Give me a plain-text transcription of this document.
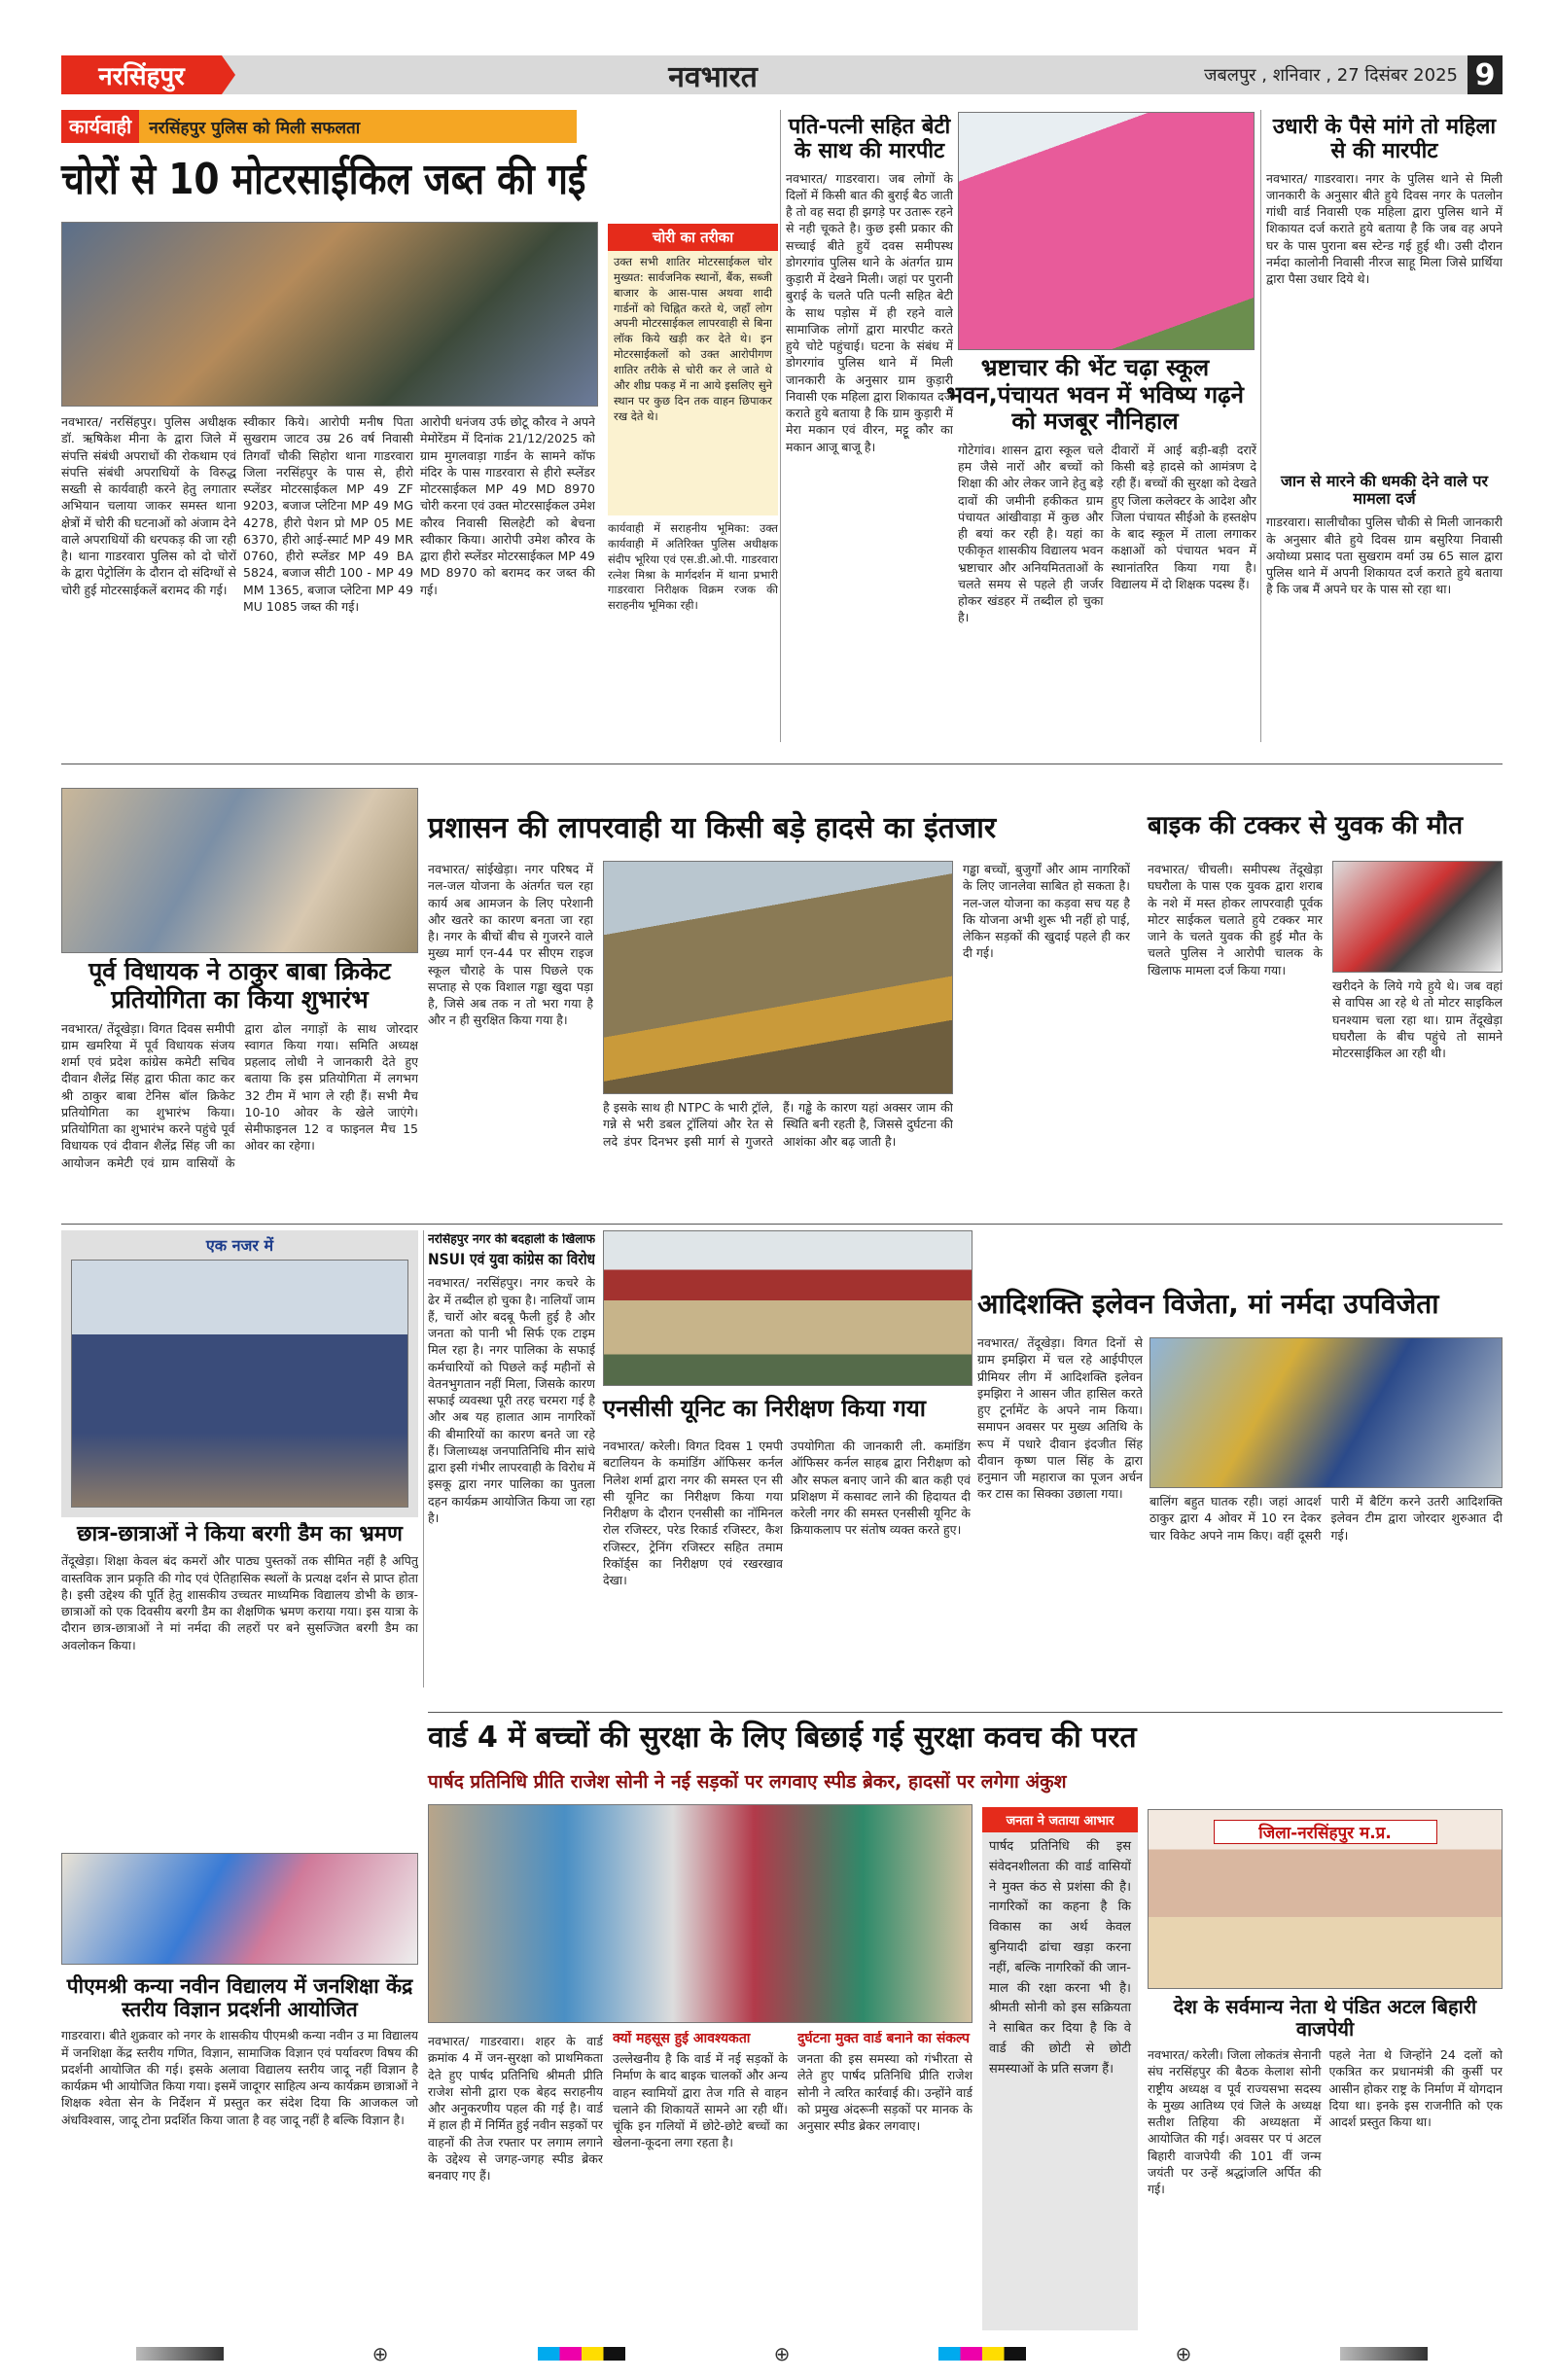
नरसिंहपुर	नवभारत	जबलपुर , शनिवार , 27 दिसंबर 2025 9
कार्यवाही	नरसिंहपुर पुलिस को मिली सफलता
चोरों से 10 मोटरसाईकिल जब्त की गई
चोरी का तरीका
उक्त सभी शातिर मोटरसाईकल चोर मुख्यत: सार्वजनिक स्थानों, बैंक, सब्जी बाजार के आस-पास अथवा शादी गार्डनों को चिह्नित करते थे, जहाँ लोग अपनी मोटरसाईकल लापरवाही से बिना लॉक किये खड़ी कर देते थे। इन मोटरसाईकलों को उक्त आरोपीगण शातिर तरीके से चोरी कर ले जाते थे और शीघ्र पकड़ में ना आये इसलिए सुने स्थान पर कुछ दिन तक वाहन छिपाकर रख देते थे।
कार्यवाही में सराहनीय भूमिका: उक्त कार्यवाही में अतिरिक्त पुलिस अधीक्षक संदीप भूरिया एवं एस.डी.ओ.पी. गाडरवारा रत्नेश मिश्रा के मार्गदर्शन में थाना प्रभारी गाडरवारा निरीक्षक विक्रम रजक की सराहनीय भूमिका रही।
नवभारत/ नरसिंहपुर। पुलिस अधीक्षक डॉ. ऋषिकेश मीना के द्वारा जिले में संपत्ति संबंधी अपराधों की रोकथाम एवं संपत्ति संबंधी अपराधियों के विरुद्ध सख्ती से कार्यवाही करने हेतु लगातार अभियान चलाया जाकर समस्त थाना क्षेत्रों में चोरी की घटनाओं को अंजाम देने वाले अपराधियों की धरपकड़ की जा रही है। थाना गाडरवारा पुलिस को दो चोरों के द्वारा पेट्रोलिंग के दौरान दो संदिग्धों से चोरी हुई मोटरसाईकलें बरामद की गई।
स्वीकार किये। आरोपी मनीष पिता सुखराम जाटव उम्र 26 वर्ष निवासी तिगवॉं चौकी सिहोरा थाना गाडरवारा जिला नरसिंहपुर के पास से, हीरो स्प्लेंडर मोटरसाईकल MP 49 ZF 9203, बजाज प्लेटिना MP 49 MG 4278, हीरो पेशन प्रो MP 05 ME 6370, हीरो आई-स्मार्ट MP 49 MR 0760, हीरो स्प्लेंडर MP 49 BA 5824, बजाज सीटी 100 - MP 49 MM 1365, बजाज प्लेटिना MP 49 MU 1085 जब्त की गई।
आरोपी धनंजय उर्फ छोटू कौरव ने अपने मेमोरेंडम में दिनांक 21/12/2025 को ग्राम मुगलवाड़ा गार्डन के सामने कॉफ मंदिर के पास गाडरवारा से हीरो स्प्लेंडर मोटरसाईकल MP 49 MD 8970 चोरी करना एवं उक्त मोटरसाईकल उमेश कौरव निवासी सिलहेटी को बेचना स्वीकार किया। आरोपी उमेश कौरव के द्वारा हीरो स्प्लेंडर मोटरसाईकल MP 49 MD 8970 को बरामद कर जब्त की गई।
पति-पत्नी सहित बेटी के साथ की मारपीट
नवभारत/ गाडरवारा। जब लोगों के दिलों में किसी बात की बुराई बैठ जाती है तो वह सदा ही झगड़े पर उतारू रहने से नही चूकते है। कुछ इसी प्रकार की सच्चाई बीते हुयें दवस समीपस्थ डोगरगांव पुलिस थाने के अंतर्गत ग्राम कुड़ारी में देखने मिली। जहां पर पुरानी बुराई के चलते पति पत्नी सहित बेटी के साथ पड़ोस में ही रहने वाले सामाजिक लोगों द्वारा मारपीट करते हुये चोटे पहुंचाई। घटना के संबंध में डोगरगांव पुलिस थाने में मिली जानकारी के अनुसार ग्राम कुड़ारी निवासी एक महिला द्वारा शिकायत दर्ज कराते हुये बताया है कि ग्राम कुड़ारी में मेरा मकान एवं वीरन, मट्टू कौर का मकान आजू बाजू है।
भ्रष्टाचार की भेंट चढ़ा स्कूल भवन,पंचायत भवन में भविष्य गढ़ने को मजबूर नौनिहाल
गोटेगांव। शासन द्वारा स्कूल चले हम जैसे नारों और बच्चों को शिक्षा की ओर लेकर जाने हेतु बड़े दावों की जमीनी हकीकत ग्राम पंचायत आंखीवाड़ा में कुछ और ही बयां कर रही है। यहां का एकीकृत शासकीय विद्यालय भवन भ्रष्टाचार और अनियमितताओं के चलते समय से पहले ही जर्जर होकर खंडहर में तब्दील हो चुका है।
दीवारों में आई बड़ी-बड़ी दरारें किसी बड़े हादसे को आमंत्रण दे रही हैं। बच्चों की सुरक्षा को देखते हुए जिला कलेक्टर के आदेश और जिला पंचायत सीईओ के हस्तक्षेप के बाद स्कूल में ताला लगाकर कक्षाओं को पंचायत भवन में स्थानांतरित किया गया है। विद्यालय में दो शिक्षक पदस्थ हैं।
उधारी के पैसे मांगे तो महिला से की मारपीट
नवभारत/ गाडरवारा। नगर के पुलिस थाने से मिली जानकारी के अनुसार बीते हुये दिवस नगर के पतलोन गांधी वार्ड निवासी एक महिला द्वारा पुलिस थाने में शिकायत दर्ज कराते हुये बताया है कि जब वह अपने घर के पास पुराना बस स्टेन्ड गई हुई थी। उसी दौरान नर्मदा कालोनी निवासी नीरज साहू मिला जिसे प्रार्थिया द्वारा पैसा उधार दिये थे।
जान से मारने की धमकी देने वाले पर मामला दर्ज
गाडरवारा। सालीचौका पुलिस चौकी से मिली जानकारी के अनुसार बीते हुये दिवस ग्राम बसुरिया निवासी अयोध्या प्रसाद पता सुखराम वर्मा उम्र 65 साल द्वारा पुलिस थाने में अपनी शिकायत दर्ज कराते हुये बताया है कि जब मैं अपने घर के पास सो रहा था।
पूर्व विधायक ने ठाकुर बाबा क्रिकेट प्रतियोगिता का किया शुभारंभ
नवभारत/ तेंदूखेड़ा। विगत दिवस समीपी ग्राम खमरिया में पूर्व विधायक संजय शर्मा एवं प्रदेश कांग्रेस कमेटी सचिव दीवान शैलेंद्र सिंह द्वारा फीता काट कर श्री ठाकुर बाबा टेनिस बॉल क्रिकेट प्रतियोगिता का शुभारंभ किया। प्रतियोगिता का शुभारंभ करने पहुंचे पूर्व विधायक एवं दीवान शैलेंद्र सिंह जी का आयोजन कमेटी एवं ग्राम वासियों के द्वारा ढोल नगाड़ों के साथ जोरदार स्वागत किया गया। समिति अध्यक्ष प्रहलाद लोधी ने जानकारी देते हुए बताया कि इस प्रतियोगिता में लगभग 32 टीम में भाग ले रही हैं। सभी मैच 10-10 ओवर के खेले जाएंगे। सेमीफाइनल 12 व फाइनल मैच 15 ओवर का रहेगा।
प्रशासन की लापरवाही या किसी बड़े हादसे का इंतजार
नवभारत/ सांईखेड़ा। नगर परिषद में नल-जल योजना के अंतर्गत चल रहा कार्य अब आमजन के लिए परेशानी और खतरे का कारण बनता जा रहा है। नगर के बीचों बीच से गुजरने वाले मुख्य मार्ग एन-44 पर सीएम राइज स्कूल चौराहे के पास पिछले एक सप्ताह से एक विशाल गड्ढा खुदा पड़ा है, जिसे अब तक न तो भरा गया है और न ही सुरक्षित किया गया है।
है इसके साथ ही NTPC के भारी ट्रॉले, गन्ने से भरी डबल ट्रॉलियां और रेत से लदे डंपर दिनभर इसी मार्ग से गुजरते हैं। गड्ढे के कारण यहां अक्सर जाम की स्थिति बनी रहती है, जिससे दुर्घटना की आशंका और बढ़ जाती है।
गड्ढा बच्चों, बुजुर्गों और आम नागरिकों के लिए जानलेवा साबित हो सकता है। नल-जल योजना का कड़वा सच यह है कि योजना अभी शुरू भी नहीं हो पाई, लेकिन सड़कों की खुदाई पहले ही कर दी गई।
बाइक की टक्कर से युवक की मौत
नवभारत/ चीचली। समीपस्थ तेंदूखेड़ा घघरौला के पास एक युवक द्वारा शराब के नशे में मस्त होकर लापरवाही पूर्वक मोटर साईकल चलाते हुये टक्कर मार जाने के चलते युवक की हुई मौत के चलते पुलिस ने आरोपी चालक के खिलाफ मामला दर्ज किया गया।
खरीदने के लिये गये हुये थे। जब वहां से वापिस आ रहे थे तो मोटर साइकिल घनश्याम चला रहा था। ग्राम तेंदूखेड़ा घघरौला के बीच पहुंचे तो सामने मोटरसाईकिल आ रही थी।
एक नजर में
छात्र-छात्राओं ने किया बरगी डैम का भ्रमण
तेंदूखेड़ा। शिक्षा केवल बंद कमरों और पाठ्य पुस्तकों तक सीमित नहीं है अपितु वास्तविक ज्ञान प्रकृति की गोद एवं ऐतिहासिक स्थलों के प्रत्यक्ष दर्शन से प्राप्त होता है। इसी उद्देश्य की पूर्ति हेतु शासकीय उच्चतर माध्यमिक विद्यालय डोभी के छात्र-छात्राओं को एक दिवसीय बरगी डैम का शैक्षणिक भ्रमण कराया गया। इस यात्रा के दौरान छात्र-छात्राओं ने मां नर्मदा की लहरों पर बने सुसज्जित बरगी डैम का अवलोकन किया।
पीएमश्री कन्या नवीन विद्यालय में जनशिक्षा केंद्र स्तरीय विज्ञान प्रदर्शनी आयोजित
गाडरवारा। बीते शुक्रवार को नगर के शासकीय पीएमश्री कन्या नवीन उ मा विद्यालय में जनशिक्षा केंद्र स्तरीय गणित, विज्ञान, सामाजिक विज्ञान एवं पर्यावरण विषय की प्रदर्शनी आयोजित की गई। इसके अलावा विद्यालय स्तरीय जादू नहीं विज्ञान है कार्यक्रम भी आयोजित किया गया। इसमें जादूगर साहित्य अन्य कार्यक्रम छात्राओं ने शिक्षक श्वेता सेन के निर्देशन में प्रस्तुत कर संदेश दिया कि आजकल जो अंधविश्वास, जादू टोना प्रदर्शित किया जाता है वह जादू नहीं है बल्कि विज्ञान है।
नरसिंहपुर नगर की बदहाली के खिलाफ
NSUI एवं युवा कांग्रेस का विरोध
नवभारत/ नरसिंहपुर। नगर कचरे के ढेर में तब्दील हो चुका है। नालियाँ जाम हैं, चारों ओर बदबू फैली हुई है और जनता को पानी भी सिर्फ एक टाइम मिल रहा है। नगर पालिका के सफाई कर्मचारियों को पिछले कई महीनों से वेतनभुगतान नहीं मिला, जिसके कारण सफाई व्यवस्था पूरी तरह चरमरा गई है और अब यह हालात आम नागरिकों की बीमारियों का कारण बनते जा रहे हैं। जिलाध्यक्ष जनपातिनिधि मीन सांचे द्वारा इसी गंभीर लापरवाही के विरोध में इसकू द्वारा नगर पालिका का पुतला दहन कार्यक्रम आयोजित किया जा रहा है।
एनसीसी यूनिट का निरीक्षण किया गया
नवभारत/ करेली। विगत दिवस 1 एमपी बटालियन के कमांडिंग ऑफिसर कर्नल निलेश शर्मा द्वारा नगर की समस्त एन सी सी यूनिट का निरीक्षण किया गया निरीक्षण के दौरान एनसीसी का नॉमिनल रोल रजिस्टर, परेड रिकार्ड रजिस्टर, कैश रजिस्टर, ट्रेनिंग रजिस्टर सहित तमाम रिकॉर्ड्स का निरीक्षण एवं रखरखाव देखा।
उपयोगिता की जानकारी ली. कमांडिंग ऑफिसर कर्नल साहब द्वारा निरीक्षण को और सफल बनाए जाने की बात कही एवं प्रशिक्षण में कसावट लाने की हिदायत दी करेली नगर की समस्त एनसीसी यूनिट के क्रियाकलाप पर संतोष व्यक्त करते हुए।
आदिशक्ति इलेवन विजेता, मां नर्मदा उपविजेता
नवभारत/ तेंदूखेड़ा। विगत दिनों से ग्राम इमझिरा में चल रहे आईपीएल प्रीमियर लीग में आदिशक्ति इलेवन इमझिरा ने आसन जीत हासिल करते हुए टूर्नामेंट के अपने नाम किया। समापन अवसर पर मुख्य अतिथि के रूप में पधारे दीवान इंदजीत सिंह दीवान कृष्ण पाल सिंह के द्वारा हनुमान जी महाराज का पूजन अर्चन कर टास का सिक्का उछाला गया।
बालिंग बहुत घातक रही। जहां आदर्श ठाकुर द्वारा 4 ओवर में 10 रन देकर चार विकेट अपने नाम किए। वहीं दूसरी पारी में बैटिंग करने उतरी आदिशक्ति इलेवन टीम द्वारा जोरदार शुरुआत दी गई।
वार्ड 4 में बच्चों की सुरक्षा के लिए बिछाई गई सुरक्षा कवच की परत
पार्षद प्रतिनिधि प्रीति राजेश सोनी ने नई सड़कों पर लगवाए स्पीड ब्रेकर, हादसों पर लगेगा अंकुश
नवभारत/ गाडरवारा। शहर के वार्ड क्रमांक 4 में जन-सुरक्षा को प्राथमिकता देते हुए पार्षद प्रतिनिधि श्रीमती प्रीति राजेश सोनी द्वारा एक बेहद सराहनीय और अनुकरणीय पहल की गई है। वार्ड में हाल ही में निर्मित हुई नवीन सड़कों पर वाहनों की तेज रफ्तार पर लगाम लगाने के उद्देश्य से जगह-जगह स्पीड ब्रेकर बनवाए गए हैं।
क्यों महसूस हुई आवश्यकता
उल्लेखनीय है कि वार्ड में नई सड़कों के निर्माण के बाद बाइक चालकों और अन्य वाहन स्वामियों द्वारा तेज गति से वाहन चलाने की शिकायतें सामने आ रही थीं। चूंकि इन गलियों में छोटे-छोटे बच्चों का खेलना-कूदना लगा रहता है।
दुर्घटना मुक्त वार्ड बनाने का संकल्प
जनता की इस समस्या को गंभीरता से लेते हुए पार्षद प्रतिनिधि प्रीति राजेश सोनी ने त्वरित कार्रवाई की। उन्होंने वार्ड को प्रमुख अंदरूनी सड़कों पर मानक के अनुसार स्पीड ब्रेकर लगवाए।
जनता ने जताया आभार
पार्षद प्रतिनिधि की इस संवेदनशीलता की वार्ड वासियों ने मुक्त कंठ से प्रशंसा की है। नागरिकों का कहना है कि विकास का अर्थ केवल बुनियादी ढांचा खड़ा करना नहीं, बल्कि नागरिकों की जान-माल की रक्षा करना भी है। श्रीमती सोनी को इस सक्रियता ने साबित कर दिया है कि वे वार्ड की छोटी से छोटी समस्याओं के प्रति सजग हैं।
जिला-नरसिंहपुर म.प्र.
देश के सर्वमान्य नेता थे पंडित अटल बिहारी वाजपेयी
नवभारत/ करेली। जिला लोकतंत्र सेनानी संघ नरसिंहपुर की बैठक केलाश सोनी राष्ट्रीय अध्यक्ष व पूर्व राज्यसभा सदस्य के मुख्य आतिथ्य एवं जिले के अध्यक्ष सतीश तिहिया की अध्यक्षता में आयोजित की गई। अवसर पर पं अटल बिहारी वाजपेयी की 101 वीं जन्म जयंती पर उन्हें श्रद्धांजलि अर्पित की गई।
पहले नेता थे जिन्होंने 24 दलों को एकत्रित कर प्रधानमंत्री की कुर्सी पर आसीन होकर राष्ट्र के निर्माण में योगदान दिया था। इनके इस राजनीति को एक आदर्श प्रस्तुत किया था।
⊕	⊕	⊕
